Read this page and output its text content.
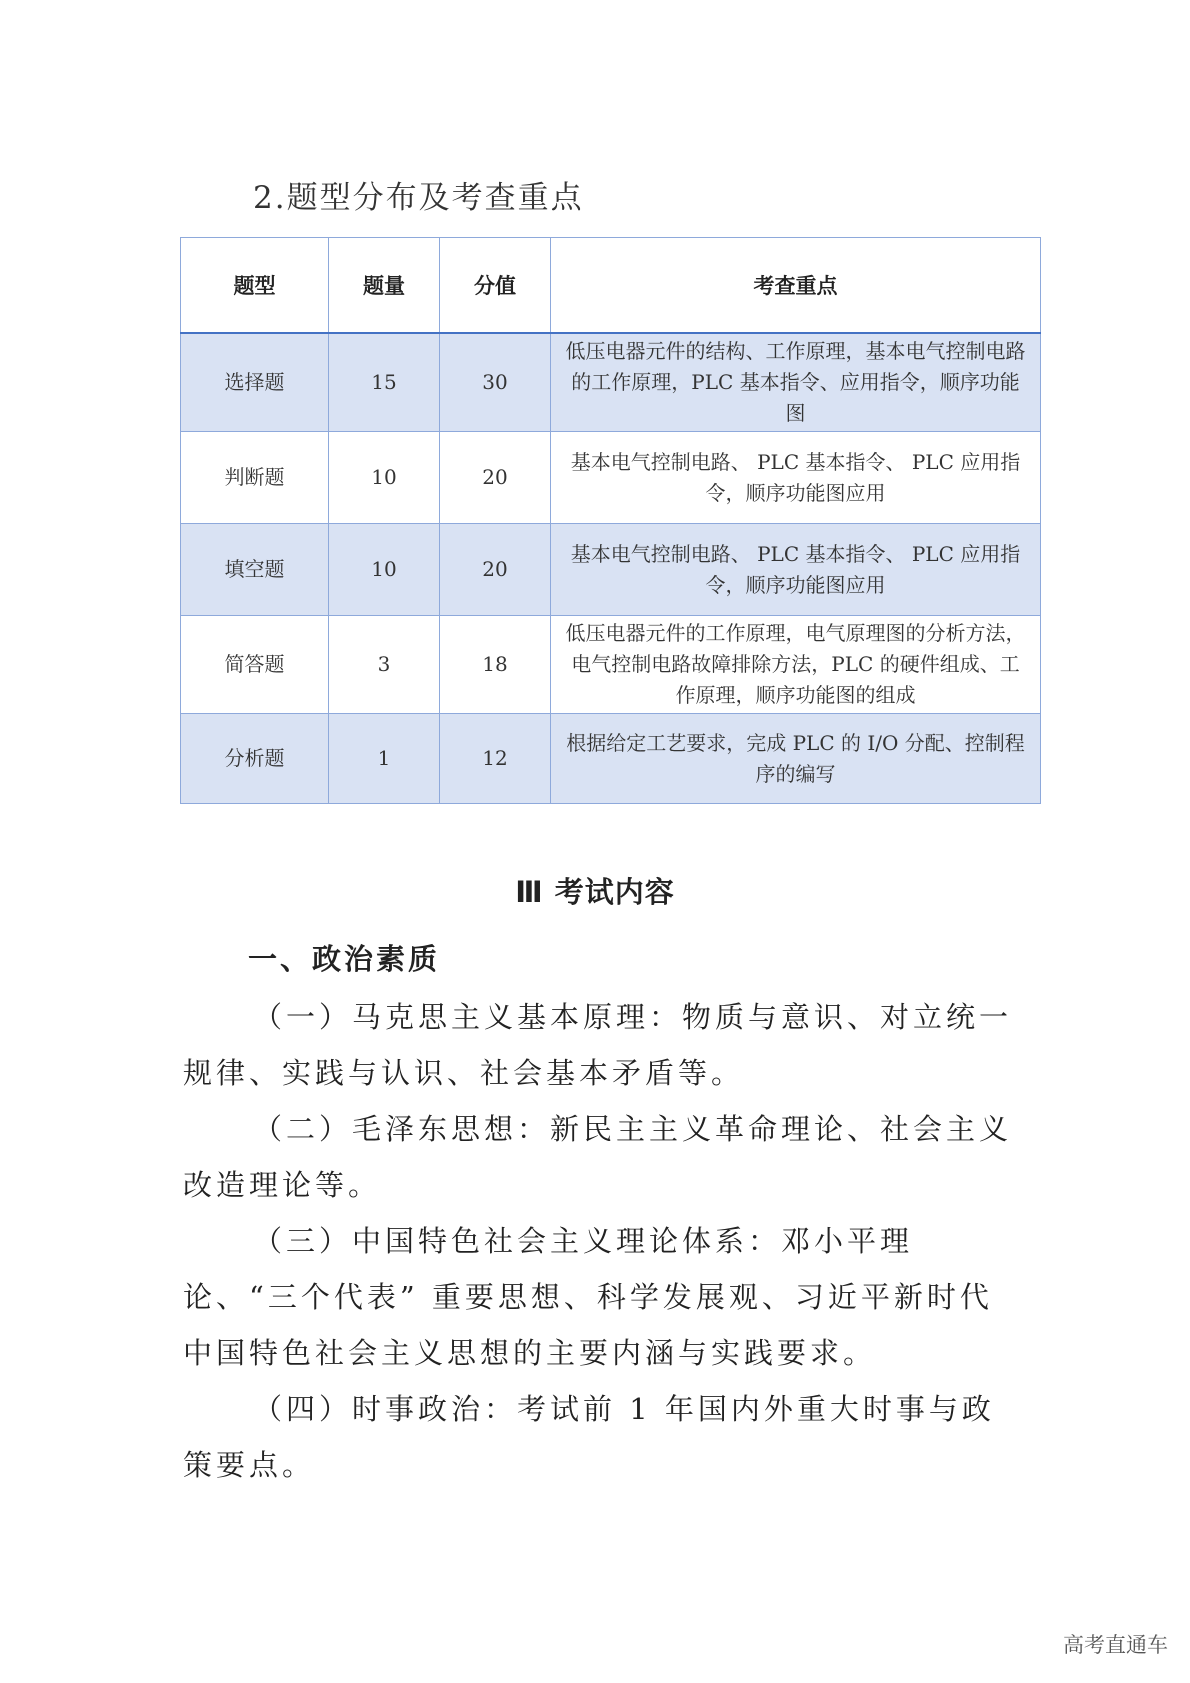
2.题型分布及考查重点
题型	题量	分值	考查重点
选择题	15	30	低压电器元件的结构、工作原理，基本电气控制电路的工作原理，PLC 基本指令、应用指令，顺序功能图
判断题	10	20	基本电气控制电路、 PLC 基本指令、 PLC 应用指令，顺序功能图应用
填空题	10	20	基本电气控制电路、 PLC 基本指令、 PLC 应用指令，顺序功能图应用
简答题	3	18	低压电器元件的工作原理，电气原理图的分析方法，电气控制电路故障排除方法，PLC 的硬件组成、工作原理，顺序功能图的组成
分析题	1	12	根据给定工艺要求，完成 PLC 的 I/O 分配、控制程序的编写
Ⅲ 考试内容
一、政治素质

（一）马克思主义基本原理：物质与意识、对立统一规律、实践与认识、社会基本矛盾等。

（二）毛泽东思想：新民主主义革命理论、社会主义改造理论等。

（三）中国特色社会主义理论体系：邓小平理论、“三个代表” 重要思想、科学发展观、习近平新时代中国特色社会主义思想的主要内涵与实践要求。

（四）时事政治：考试前 1 年国内外重大时事与政策要点。

高考直通车
